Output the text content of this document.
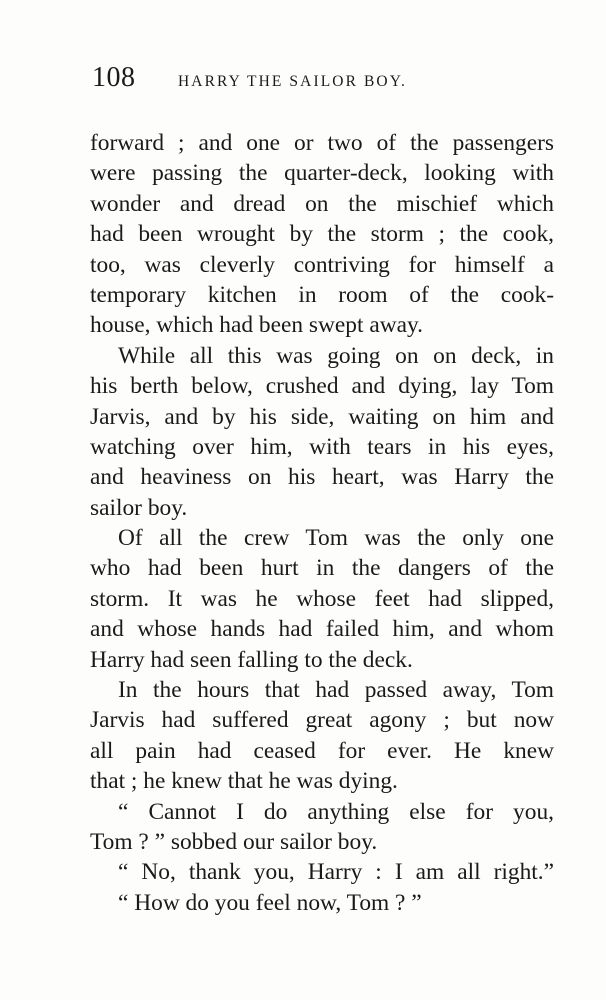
108	HARRY THE SAILOR BOY.
forward ; and one or two of the passengers
were passing the quarter-deck, looking with
wonder and dread on the mischief which
had been wrought by the storm ; the cook,
too, was cleverly contriving for himself a
temporary kitchen in room of the cook-
house, which had been swept away.
While all this was going on on deck, in
his berth below, crushed and dying, lay Tom
Jarvis, and by his side, waiting on him and
watching over him, with tears in his eyes,
and heaviness on his heart, was Harry the
sailor boy.
Of all the crew Tom was the only one
who had been hurt in the dangers of the
storm. It was he whose feet had slipped,
and whose hands had failed him, and whom
Harry had seen falling to the deck.
In the hours that had passed away, Tom
Jarvis had suffered great agony ; but now
all pain had ceased for ever. He knew
that ; he knew that he was dying.
“ Cannot I do anything else for you,
Tom ? ” sobbed our sailor boy.
“ No, thank you, Harry : I am all right.”
“ How do you feel now, Tom ? ”
